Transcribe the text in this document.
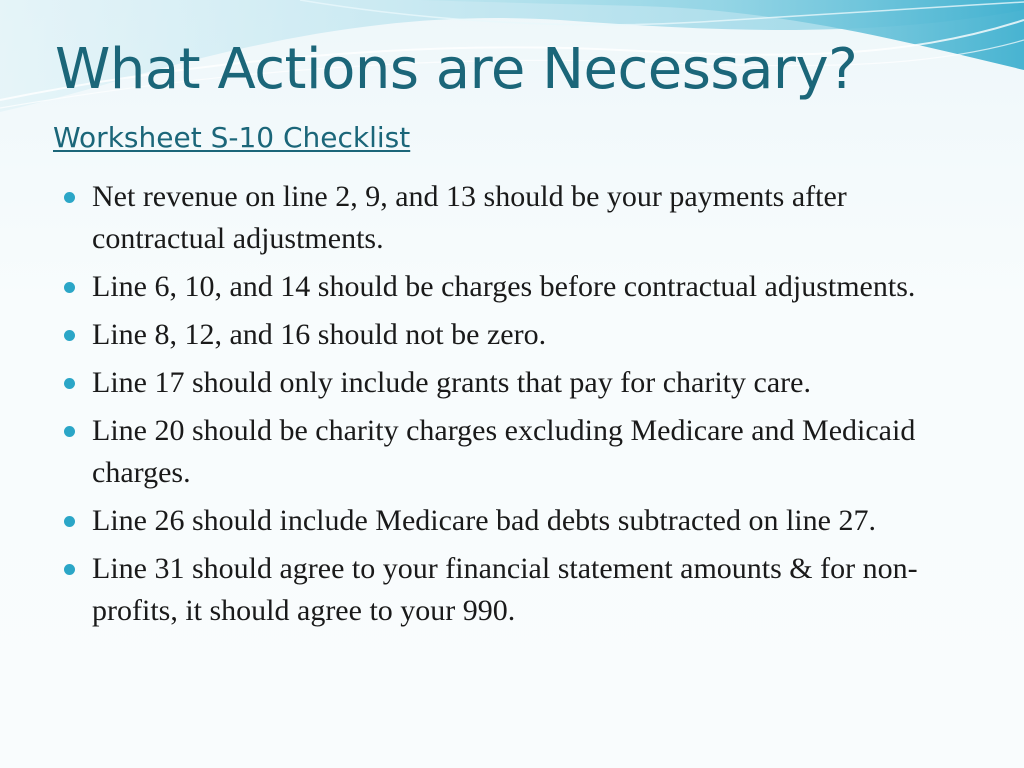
What Actions are Necessary?
Worksheet S-10 Checklist
Net revenue on line 2, 9, and 13 should be your payments after contractual adjustments.
Line 6, 10, and 14 should be charges before contractual adjustments.
Line 8, 12, and 16 should not be zero.
Line 17 should only include grants that pay for charity care.
Line 20 should be charity charges excluding Medicare and Medicaid charges.
Line 26 should include Medicare bad debts subtracted on line 27.
Line 31 should agree to your financial statement amounts & for non-profits, it should agree to your 990.
